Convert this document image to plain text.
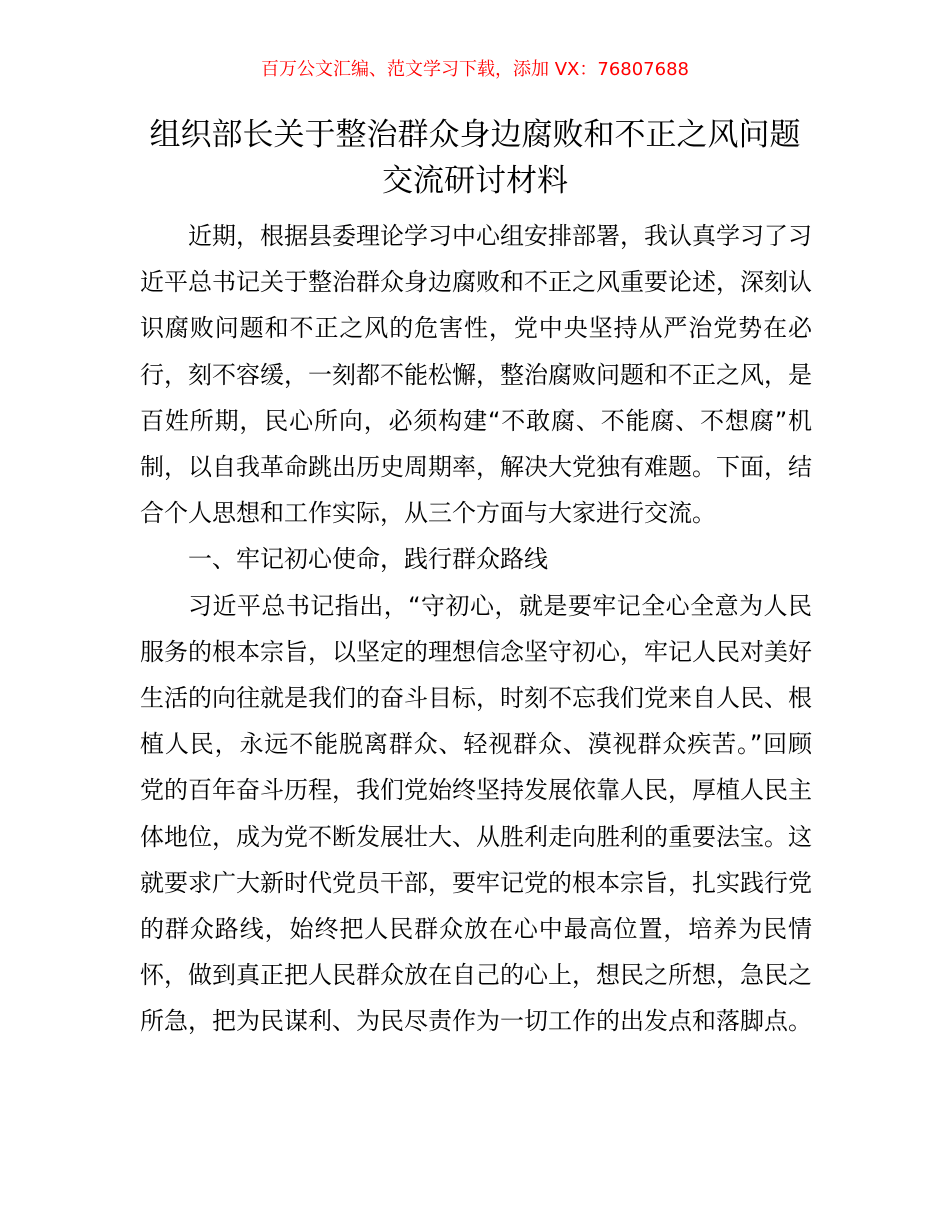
百万公文汇编、范文学习下载，添加 VX：76807688
组织部长关于整治群众身边腐败和不正之风问题交流研讨材料

近期，根据县委理论学习中心组安排部署，我认真学习了习近平总书记关于整治群众身边腐败和不正之风重要论述，深刻认识腐败问题和不正之风的危害性，党中央坚持从严治党势在必行，刻不容缓，一刻都不能松懈，整治腐败问题和不正之风，是百姓所期，民心所向，必须构建“不敢腐、不能腐、不想腐”机制，以自我革命跳出历史周期率，解决大党独有难题。下面，结合个人思想和工作实际，从三个方面与大家进行交流。

一、牢记初心使命，践行群众路线

习近平总书记指出，“守初心，就是要牢记全心全意为人民服务的根本宗旨，以坚定的理想信念坚守初心，牢记人民对美好生活的向往就是我们的奋斗目标，时刻不忘我们党来自人民、根植人民，永远不能脱离群众、轻视群众、漠视群众疾苦。”回顾党的百年奋斗历程，我们党始终坚持发展依靠人民，厚植人民主体地位，成为党不断发展壮大、从胜利走向胜利的重要法宝。这就要求广大新时代党员干部，要牢记党的根本宗旨，扎实践行党的群众路线，始终把人民群众放在心中最高位置，培养为民情怀，做到真正把人民群众放在自己的心上，想民之所想，急民之所急，把为民谋利、为民尽责作为一切工作的出发点和落脚点。
